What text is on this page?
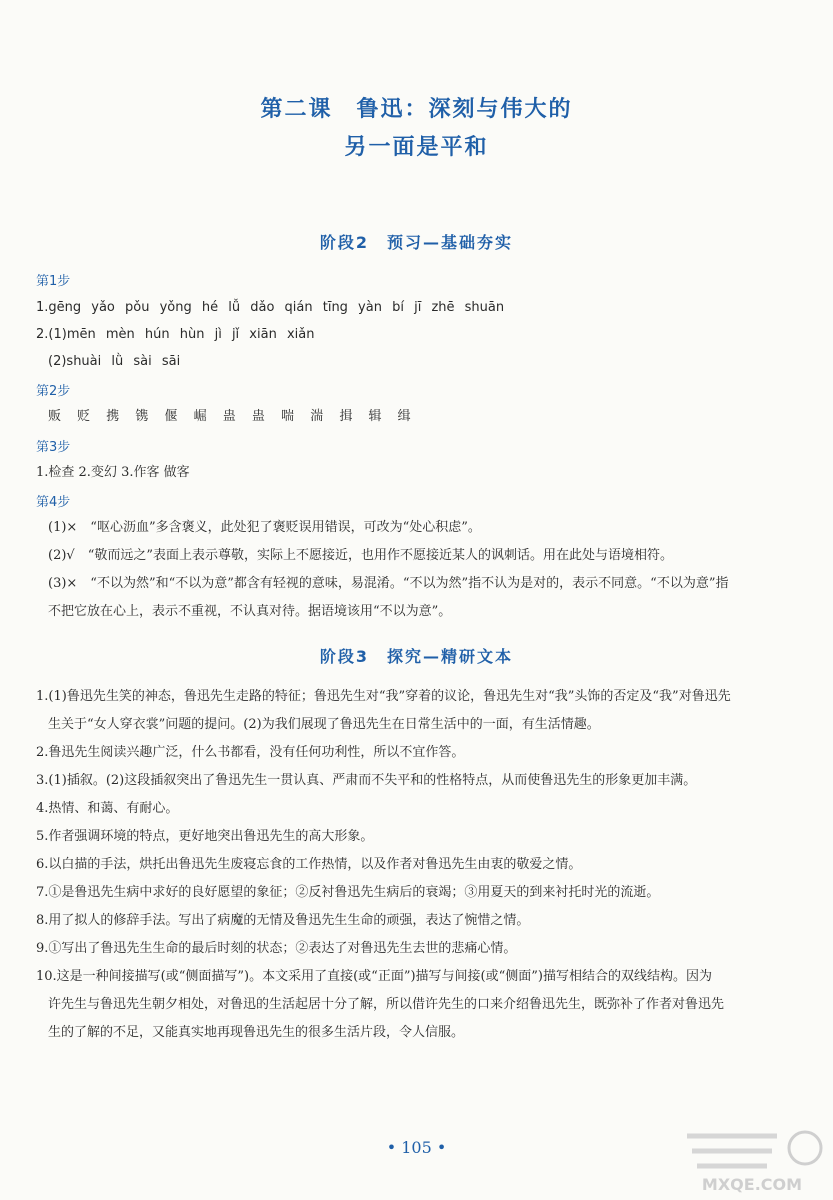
第二课　鲁迅：深刻与伟大的
另一面是平和
阶段2　预习—基础夯实
第1步
1.gēng yǎo pǒu yǒng hé lǚ dǎo qián tīng yàn bí jī zhē shuān
2.(1)mēn mèn hún hùn jì jǐ xiān xiǎn
(2)shuài lǜ sài sāi
第2步
贩 贬 携 镌 偃 崛 蛊 蛊 喘 湍 揖 辑 缉
第3步
1.检查 2.变幻 3.作客 做客
第4步
(1)×　“呕心沥血”多含褒义，此处犯了褒贬误用错误，可改为“处心积虑”。
(2)√　“敬而远之”表面上表示尊敬，实际上不愿接近，也用作不愿接近某人的讽刺话。用在此处与语境相符。
(3)×　“不以为然”和“不以为意”都含有轻视的意味，易混淆。“不以为然”指不认为是对的，表示不同意。“不以为意”指
不把它放在心上，表示不重视，不认真对待。据语境该用“不以为意”。
阶段3　探究—精研文本
1.(1)鲁迅先生笑的神态，鲁迅先生走路的特征；鲁迅先生对“我”穿着的议论，鲁迅先生对“我”头饰的否定及“我”对鲁迅先
生关于“女人穿衣裳”问题的提问。(2)为我们展现了鲁迅先生在日常生活中的一面，有生活情趣。
2.鲁迅先生阅读兴趣广泛，什么书都看，没有任何功利性，所以不宜作答。
3.(1)插叙。(2)这段插叙突出了鲁迅先生一贯认真、严肃而不失平和的性格特点，从而使鲁迅先生的形象更加丰满。
4.热情、和蔼、有耐心。
5.作者强调环境的特点，更好地突出鲁迅先生的高大形象。
6.以白描的手法，烘托出鲁迅先生废寝忘食的工作热情，以及作者对鲁迅先生由衷的敬爱之情。
7.①是鲁迅先生病中求好的良好愿望的象征；②反衬鲁迅先生病后的衰竭；③用夏天的到来衬托时光的流逝。
8.用了拟人的修辞手法。写出了病魔的无情及鲁迅先生生命的顽强，表达了惋惜之情。
9.①写出了鲁迅先生生命的最后时刻的状态；②表达了对鲁迅先生去世的悲痛心情。
10.这是一种间接描写(或“侧面描写”)。本文采用了直接(或“正面”)描写与间接(或“侧面”)描写相结合的双线结构。因为
许先生与鲁迅先生朝夕相处，对鲁迅的生活起居十分了解，所以借许先生的口来介绍鲁迅先生，既弥补了作者对鲁迅先
生的了解的不足，又能真实地再现鲁迅先生的很多生活片段，令人信服。
• 105 •
MXQE.COM
